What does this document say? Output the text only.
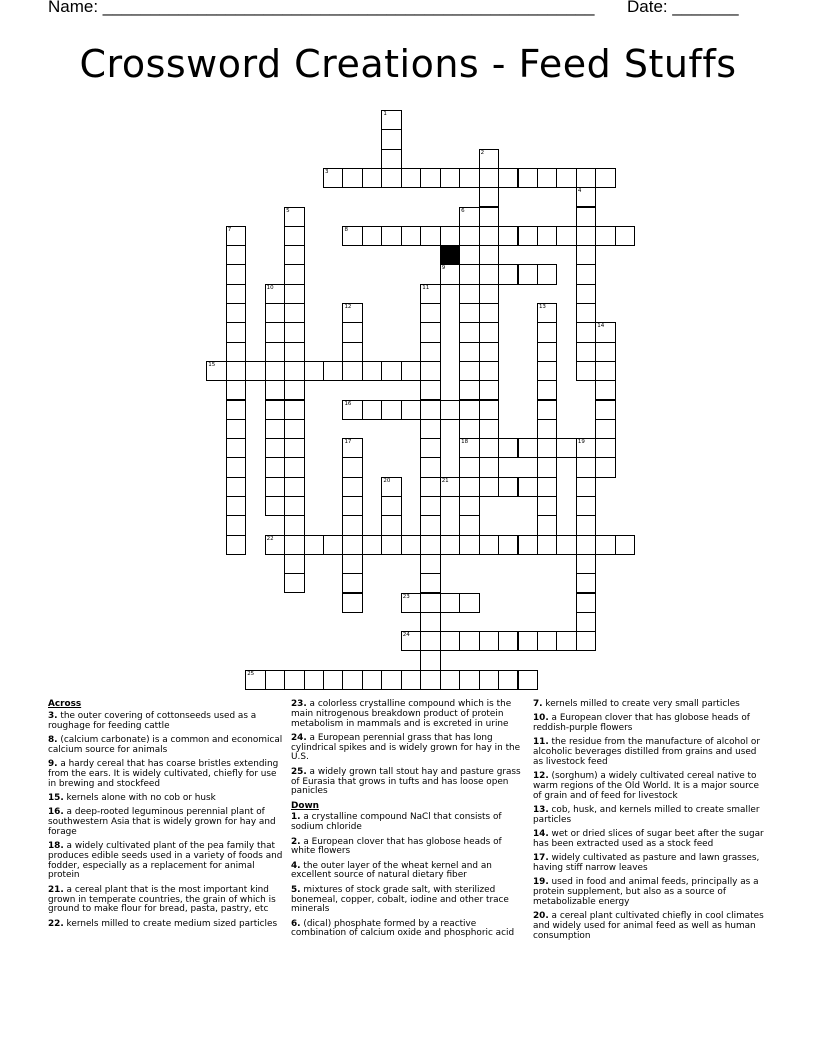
Name: ____________________________________________________ Date: _______
Crossword Creations - Feed Stuffs
1
2
3
4
5	6
18
7	8
9
10	11
12	13
14
15
16
17	19
20	21
22
23
24
25
Across
3. the outer covering of cottonseeds used as a roughage for feeding cattle
8. (calcium carbonate) is a common and economical calcium source for animals
9. a hardy cereal that has coarse bristles extending from the ears. It is widely cultivated, chiefly for use in brewing and stockfeed
15. kernels alone with no cob or husk
16. a deep-rooted leguminous perennial plant of southwestern Asia that is widely grown for hay and forage
18. a widely cultivated plant of the pea family that produces edible seeds used in a variety of foods and fodder, especially as a replacement for animal protein
21. a cereal plant that is the most important kind grown in temperate countries, the grain of which is ground to make flour for bread, pasta, pastry, etc
22. kernels milled to create medium sized particles
23. a colorless crystalline compound which is the main nitrogenous breakdown product of protein metabolism in mammals and is excreted in urine
24. a European perennial grass that has long cylindrical spikes and is widely grown for hay in the U.S.
25. a widely grown tall stout hay and pasture grass of Eurasia that grows in tufts and has loose open panicles
Down
1. a crystalline compound NaCl that consists of sodium chloride
2. a European clover that has globose heads of white flowers
4. the outer layer of the wheat kernel and an excellent source of natural dietary fiber
5. mixtures of stock grade salt, with sterilized bonemeal, copper, cobalt, iodine and other trace minerals
6. (dical) phosphate formed by a reactive combination of calcium oxide and phosphoric acid
7. kernels milled to create very small particles
10. a European clover that has globose heads of reddish-purple flowers
11. the residue from the manufacture of alcohol or alcoholic beverages distilled from grains and used as livestock feed
12. (sorghum) a widely cultivated cereal native to warm regions of the Old World. It is a major source of grain and of feed for livestock
13. cob, husk, and kernels milled to create smaller particles
14. wet or dried slices of sugar beet after the sugar has been extracted used as a stock feed
17. widely cultivated as pasture and lawn grasses, having stiff narrow leaves
19. used in food and animal feeds, principally as a protein supplement, but also as a source of metabolizable energy
20. a cereal plant cultivated chiefly in cool climates and widely used for animal feed as well as human consumption
